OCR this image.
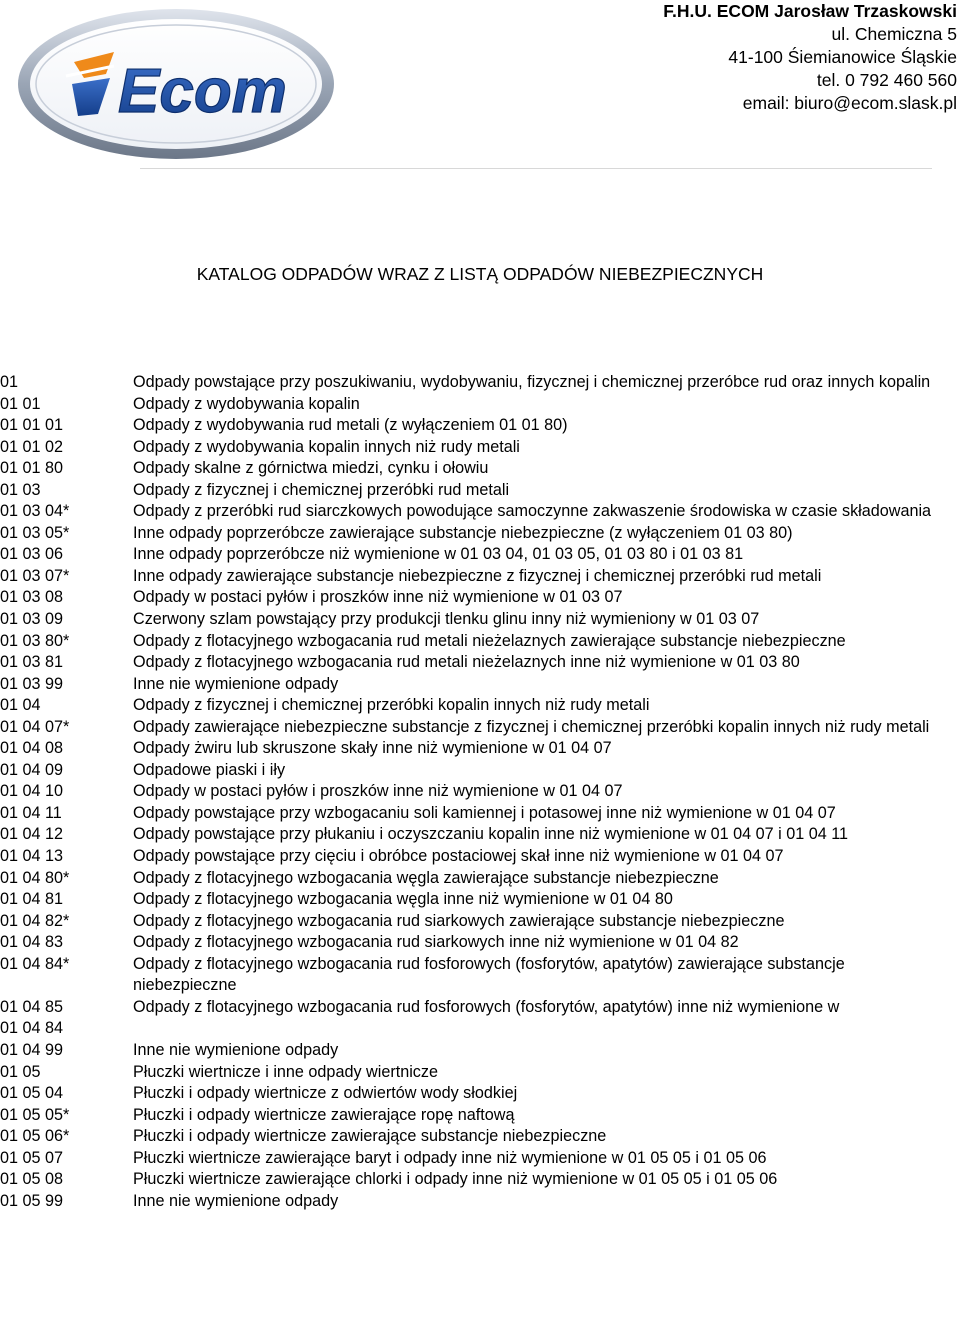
Ecom
F.H.U. ECOM Jarosław Trzaskowski
ul. Chemiczna 5
41-100 Śiemianowice Śląskie
tel. 0 792 460 560
email: biuro@ecom.slask.pl
KATALOG ODPADÓW WRAZ Z LISTĄ ODPADÓW NIEBEZPIECZNYCH
01	Odpady powstające przy poszukiwaniu, wydobywaniu, fizycznej i chemicznej przeróbce rud oraz innych kopalin
01 01	Odpady z wydobywania kopalin
01 01 01	Odpady z wydobywania rud metali (z wyłączeniem 01 01 80)
01 01 02	Odpady z wydobywania kopalin innych niż rudy metali
01 01 80	Odpady skalne z górnictwa miedzi, cynku i ołowiu
01 03	Odpady z fizycznej i chemicznej przeróbki rud metali
01 03 04*	Odpady z przeróbki rud siarczkowych powodujące samoczynne zakwaszenie środowiska w czasie składowania
01 03 05*	Inne odpady poprzeróbcze zawierające substancje niebezpieczne (z wyłączeniem 01 03 80)
01 03 06	Inne odpady poprzeróbcze niż wymienione w 01 03 04, 01 03 05, 01 03 80 i 01 03 81
01 03 07*	Inne odpady zawierające substancje niebezpieczne z fizycznej i chemicznej przeróbki rud metali
01 03 08	Odpady w postaci pyłów i proszków inne niż wymienione w 01 03 07
01 03 09	Czerwony szlam powstający przy produkcji tlenku glinu inny niż wymieniony w 01 03 07
01 03 80*	Odpady z flotacyjnego wzbogacania rud metali nieżelaznych zawierające substancje niebezpieczne
01 03 81	Odpady z flotacyjnego wzbogacania rud metali nieżelaznych inne niż wymienione w 01 03 80
01 03 99	Inne nie wymienione odpady
01 04	Odpady z fizycznej i chemicznej przeróbki kopalin innych niż rudy metali
01 04 07*	Odpady zawierające niebezpieczne substancje z fizycznej i chemicznej przeróbki kopalin innych niż rudy metali
01 04 08	Odpady żwiru lub skruszone skały inne niż wymienione w 01 04 07
01 04 09	Odpadowe piaski i iły
01 04 10	Odpady w postaci pyłów i proszków inne niż wymienione w 01 04 07
01 04 11	Odpady powstające przy wzbogacaniu soli kamiennej i potasowej inne niż wymienione w 01 04 07
01 04 12	Odpady powstające przy płukaniu i oczyszczaniu kopalin inne niż wymienione w 01 04 07 i 01 04 11
01 04 13	Odpady powstające przy cięciu i obróbce postaciowej skał inne niż wymienione w 01 04 07
01 04 80*	Odpady z flotacyjnego wzbogacania węgla zawierające substancje niebezpieczne
01 04 81	Odpady z flotacyjnego wzbogacania węgla inne niż wymienione w 01 04 80
01 04 82*	Odpady z flotacyjnego wzbogacania rud siarkowych zawierające substancje niebezpieczne
01 04 83	Odpady z flotacyjnego wzbogacania rud siarkowych inne niż wymienione w 01 04 82
01 04 84*	Odpady z flotacyjnego wzbogacania rud fosforowych (fosforytów, apatytów) zawierające substancje niebezpieczne
01 04 85	Odpady z flotacyjnego wzbogacania rud fosforowych (fosforytów, apatytów) inne niż wymienione w
01 04 84
01 04 99	Inne nie wymienione odpady
01 05	Płuczki wiertnicze i inne odpady wiertnicze
01 05 04	Płuczki i odpady wiertnicze z odwiertów wody słodkiej
01 05 05*	Płuczki i odpady wiertnicze zawierające ropę naftową
01 05 06*	Płuczki i odpady wiertnicze zawierające substancje niebezpieczne
01 05 07	Płuczki wiertnicze zawierające baryt i odpady inne niż wymienione w 01 05 05 i 01 05 06
01 05 08	Płuczki wiertnicze zawierające chlorki i odpady inne niż wymienione w 01 05 05 i 01 05 06
01 05 99	Inne nie wymienione odpady
